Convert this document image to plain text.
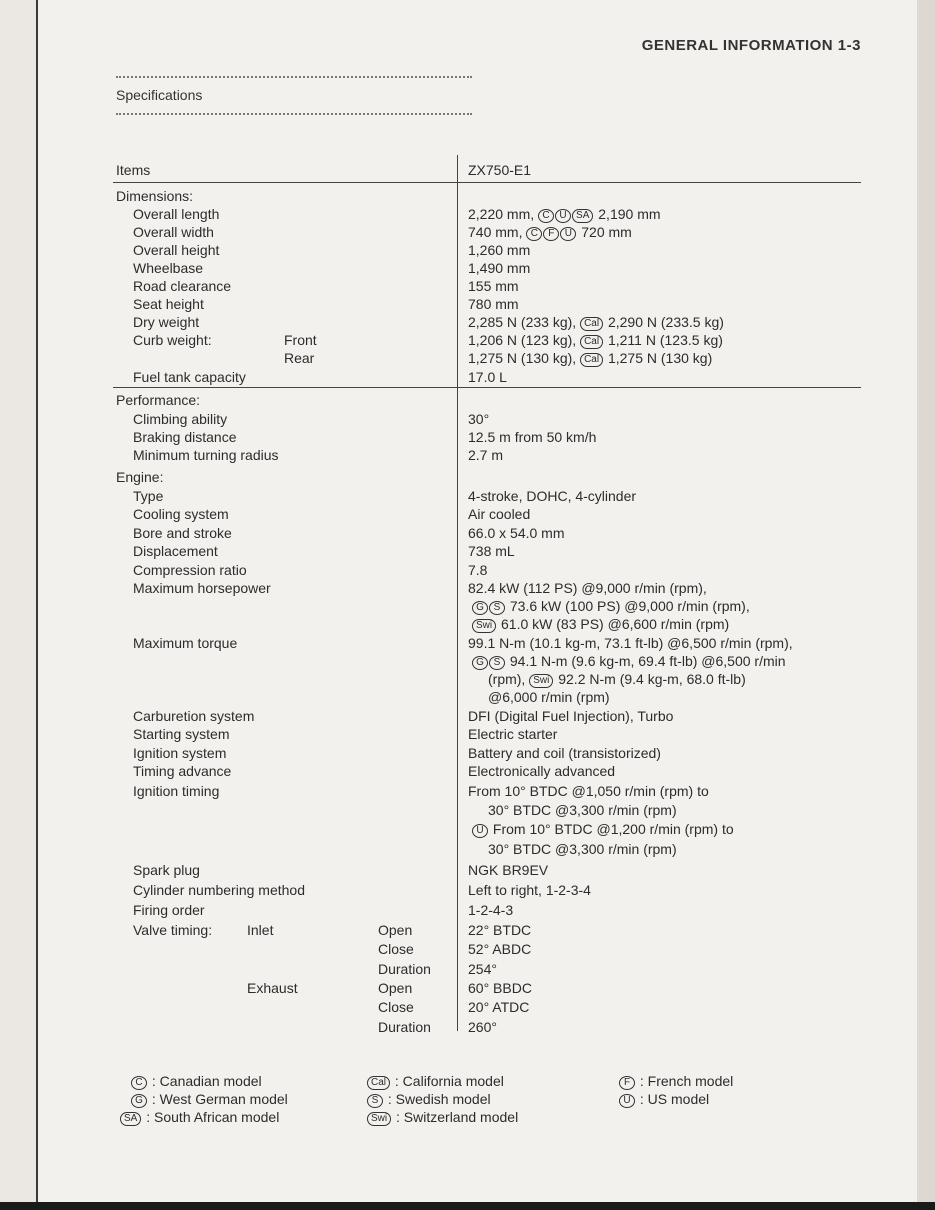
GENERAL INFORMATION 1-3
Specifications
Items	ZX750-E1
Dimensions:
Overall length	2,220 mm, C U SA 2,190 mm
Overall width	740 mm, C F U 720 mm
Overall height	1,260 mm
Wheelbase	1,490 mm
Road clearance	155 mm
Seat height	780 mm
Dry weight	2,285 N (233 kg), Cal 2,290 N (233.5 kg)
Curb weight:	Front	1,206 N (123 kg), Cal 1,211 N (123.5 kg)
Rear	1,275 N (130 kg), Cal 1,275 N (130 kg)
Fuel tank capacity	17.0 L
Performance:
Climbing ability	30°
Braking distance	12.5 m from 50 km/h
Minimum turning radius	2.7 m
Engine:
Type	4-stroke, DOHC, 4-cylinder
Cooling system	Air cooled
Bore and stroke	66.0 x 54.0 mm
Displacement	738 mL
Compression ratio	7.8
Maximum horsepower	82.4 kW (112 PS) @9,000 r/min (rpm),
G S 73.6 kW (100 PS) @9,000 r/min (rpm),
Swi 61.0 kW (83 PS) @6,600 r/min (rpm)
Maximum torque	99.1 N-m (10.1 kg-m, 73.1 ft-lb) @6,500 r/min (rpm),
G S 94.1 N-m (9.6 kg-m, 69.4 ft-lb) @6,500 r/min
(rpm), Swi 92.2 N-m (9.4 kg-m, 68.0 ft-lb)
@6,000 r/min (rpm)
Carburetion system	DFI (Digital Fuel Injection), Turbo
Starting system	Electric starter
Ignition system	Battery and coil (transistorized)
Timing advance	Electronically advanced
Ignition timing	From 10° BTDC @1,050 r/min (rpm) to
30° BTDC @3,300 r/min (rpm)
U From 10° BTDC @1,200 r/min (rpm) to
30° BTDC @3,300 r/min (rpm)
Spark plug	NGK BR9EV
Cylinder numbering method	Left to right, 1-2-3-4
Firing order	1-2-4-3
Valve timing: Inlet	Open	22° BTDC
Close	52° ABDC
Duration	254°
Exhaust	Open	60° BBDC
Close	20° ATDC
Duration	260°
C : Canadian model
G : West German model
SA : South African model
Cal : California model
S : Swedish model
Swi : Switzerland model
F : French model
U : US model
